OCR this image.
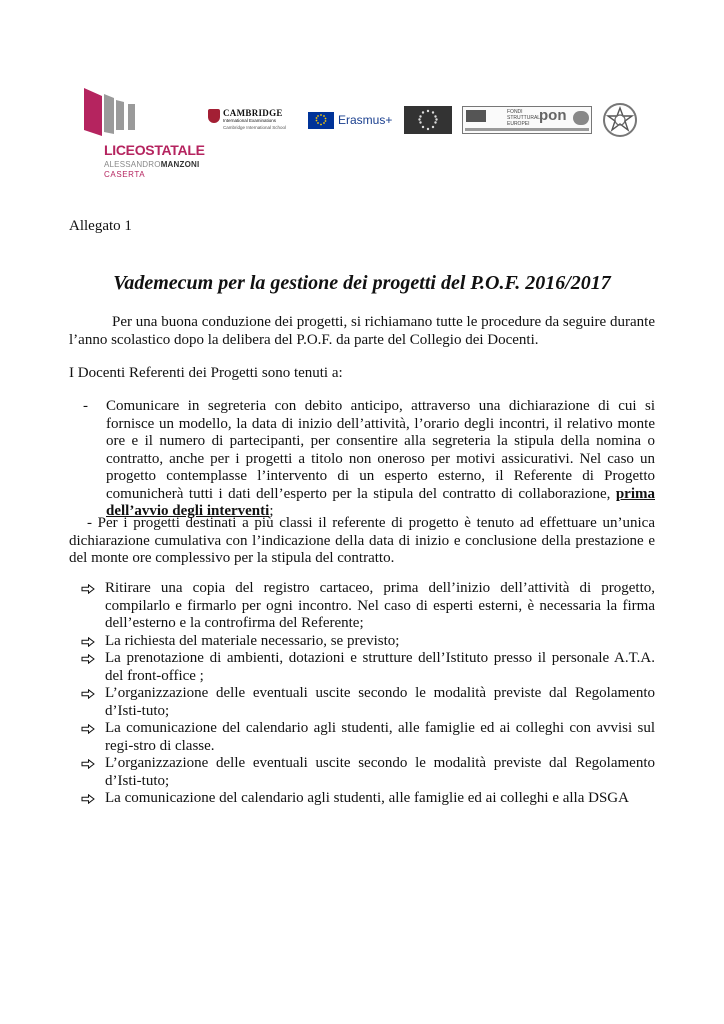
LICEOSTATALE
ALESSANDROMANZONI
CASERTA
CAMBRIDGE
International Examinations
Cambridge International School
Erasmus+
FONDI STRUTTURALI EUROPEI pon
Allegato 1
Vademecum per la gestione dei progetti del P.O.F. 2016/2017

Per una buona conduzione dei progetti, si richiamano tutte le procedure da seguire durante l’anno scolastico dopo la delibera del P.O.F. da parte del Collegio dei Docenti.

I Docenti Referenti dei Progetti sono tenuti a:

- Comunicare in segreteria con debito anticipo, attraverso una dichiarazione di cui si fornisce un modello, la data di inizio dell’attività, l’orario degli incontri, il relativo monte ore e il numero di partecipanti, per consentire alla segreteria la stipula della nomina o contratto, anche per i progetti a titolo non oneroso per motivi assicurativi. Nel caso un progetto contemplasse l’intervento di un esperto esterno, il Referente di Progetto comunicherà tutti i dati dell’esperto per la stipula del contratto di collaborazione, prima dell’avvio degli interventi;

- Per i progetti destinati a più classi il referente di progetto è tenuto ad effettuare un’unica dichiarazione cumulativa con l’indicazione della data di inizio e conclusione della prestazione e del monte ore complessivo per la stipula del contratto.

Ritirare una copia del registro cartaceo, prima dell’inizio dell’attività di progetto, compilarlo e firmarlo per ogni incontro. Nel caso di esperti esterni, è necessaria la firma dell’esterno e la controfirma del Referente;
La richiesta del materiale necessario, se previsto;
La prenotazione di ambienti, dotazioni e strutture dell’Istituto presso il personale A.T.A. del front-office ;
L’organizzazione delle eventuali uscite secondo le modalità previste dal Regolamento d’Isti-tuto;
La comunicazione del calendario agli studenti, alle famiglie ed ai colleghi con avvisi sul regi-stro di classe.
L’organizzazione delle eventuali uscite secondo le modalità previste dal Regolamento d’Isti-tuto;
La comunicazione del calendario agli studenti, alle famiglie ed ai colleghi e alla DSGA
